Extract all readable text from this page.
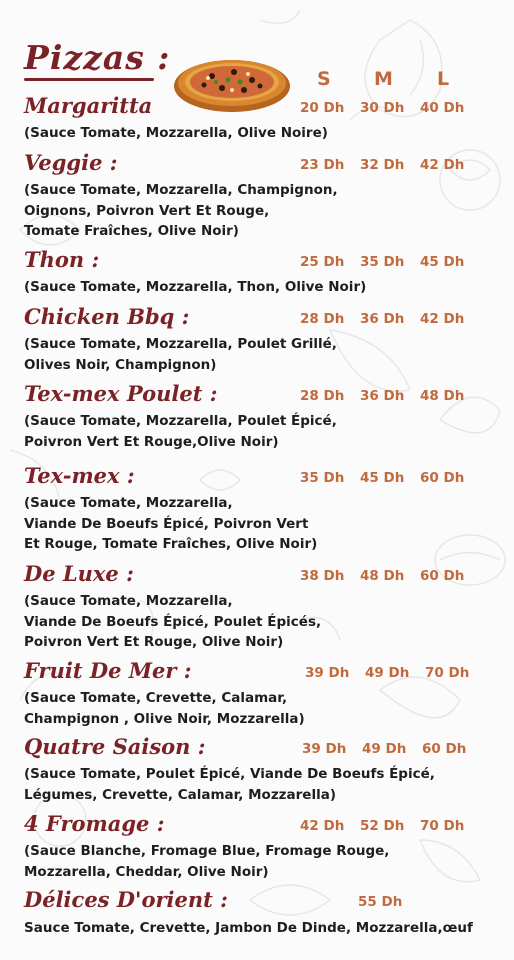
Pizzas :
S M L
Margaritta	20 Dh 30 Dh 40 Dh
(Sauce Tomate, Mozzarella, Olive Noire)
Veggie :	23 Dh 32 Dh 42 Dh
(Sauce Tomate, Mozzarella, Champignon,
Oignons, Poivron Vert Et Rouge,
Tomate Fraîches, Olive Noir)
Thon :	25 Dh 35 Dh 45 Dh
(Sauce Tomate, Mozzarella, Thon, Olive Noir)
Chicken Bbq :	28 Dh 36 Dh 42 Dh
(Sauce Tomate, Mozzarella, Poulet Grillé,
Olives Noir, Champignon)
Tex-mex Poulet :	28 Dh 36 Dh 48 Dh
(Sauce Tomate, Mozzarella, Poulet Épicé,
Poivron Vert Et Rouge,Olive Noir)
Tex-mex :	35 Dh 45 Dh 60 Dh
(Sauce Tomate, Mozzarella,
Viande De Boeufs Épicé, Poivron Vert
Et Rouge, Tomate Fraîches, Olive Noir)
De Luxe :	38 Dh 48 Dh 60 Dh
(Sauce Tomate, Mozzarella,
Viande De Boeufs Épicé, Poulet Épicés,
Poivron Vert Et Rouge, Olive Noir)
Fruit De Mer :	39 Dh 49 Dh 70 Dh
(Sauce Tomate, Crevette, Calamar,
Champignon , Olive Noir, Mozzarella)
Quatre Saison :	39 Dh 49 Dh 60 Dh
(Sauce Tomate, Poulet Épicé, Viande De Boeufs Épicé,
Légumes, Crevette, Calamar, Mozzarella)
4 Fromage :	42 Dh 52 Dh 70 Dh
(Sauce Blanche, Fromage Blue, Fromage Rouge,
Mozzarella, Cheddar, Olive Noir)
Délices D'orient :	55 Dh
Sauce Tomate, Crevette, Jambon De Dinde, Mozzarella,œuf
